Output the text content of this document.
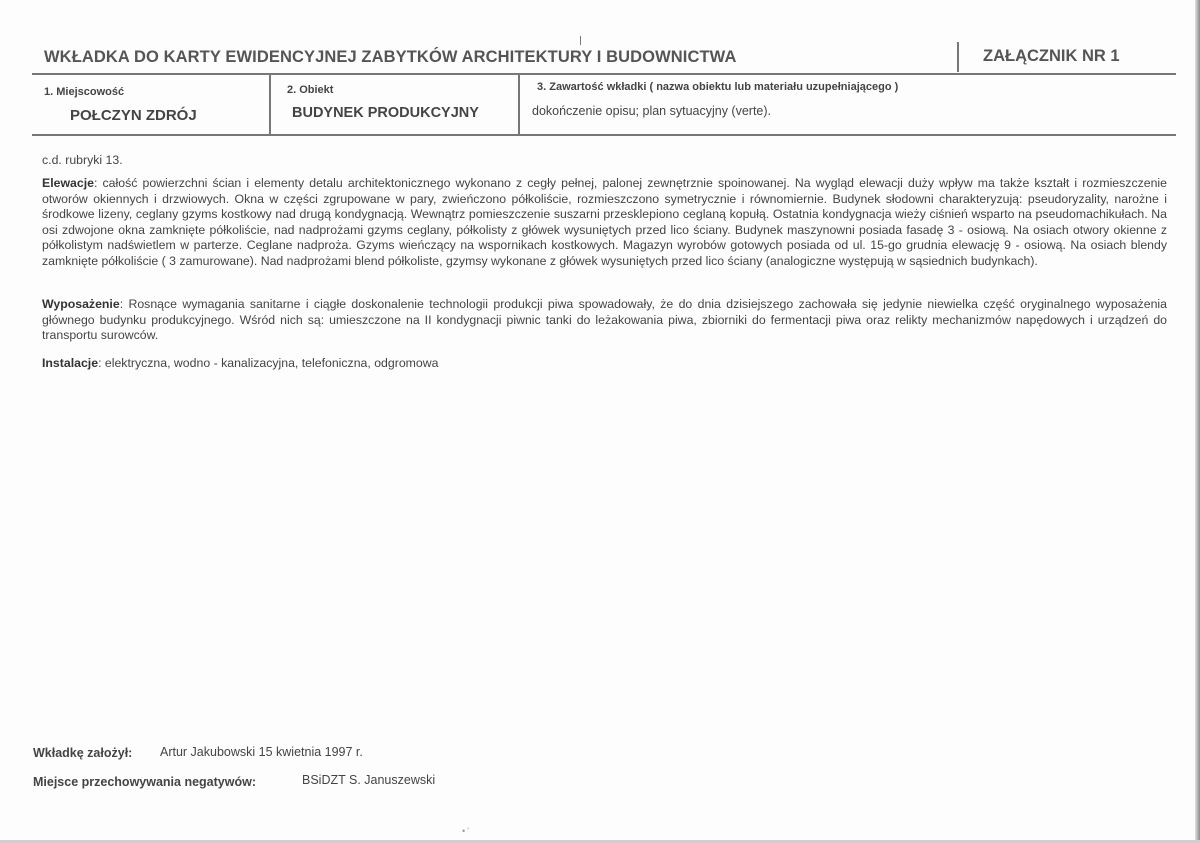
WKŁADKA DO KARTY EWIDENCYJNEJ ZABYTKÓW ARCHITEKTURY I BUDOWNICTWA	ZAŁĄCZNIK NR 1
1. Miejscowość
POŁCZYN ZDRÓJ
2. Obiekt
BUDYNEK PRODUKCYJNY
3. Zawartość wkładki ( nazwa obiektu lub materiału uzupełniającego )
dokończenie opisu; plan sytuacyjny (verte).
c.d. rubryki 13.
Elewacje: całość powierzchni ścian i elementy detalu architektonicznego wykonano z cegły pełnej, palonej zewnętrznie spoinowanej. Na wygląd elewacji duży wpływ ma także kształt i rozmieszczenie otworów okiennych i drzwiowych. Okna w części zgrupowane w pary, zwieńczono półkoliście, rozmieszczono symetrycznie i równomiernie. Budynek słodowni charakteryzują: pseudoryzality, narożne i środkowe lizeny, ceglany gzyms kostkowy nad drugą kondygnacją. Wewnątrz pomieszczenie suszarni przesklepiono ceglaną kopułą. Ostatnia kondygnacja wieży ciśnień wsparto na pseudomachikułach. Na osi zdwojone okna zamknięte półkoliście, nad nadprożami gzyms ceglany, półkolisty z główek wysuniętych przed lico ściany. Budynek maszynowni posiada fasadę 3 - osiową. Na osiach otwory okienne z półkolistym nadświetlem w parterze. Ceglane nadproża. Gzyms wieńczący na wspornikach kostkowych. Magazyn wyrobów gotowych posiada od ul. 15-go grudnia elewację 9 - osiową. Na osiach blendy zamknięte półkoliście ( 3 zamurowane). Nad nadprożami blend półkoliste, gzymsy wykonane z główek wysuniętych przed lico ściany (analogiczne występują w sąsiednich budynkach).
Wyposażenie: Rosnące wymagania sanitarne i ciągłe doskonalenie technologii produkcji piwa spowadowały, że do dnia dzisiejszego zachowała się jedynie niewielka część oryginalnego wyposażenia głównego budynku produkcyjnego. Wśród nich są: umieszczone na II kondygnacji piwnic tanki do leżakowania piwa, zbiorniki do fermentacji piwa oraz relikty mechanizmów napędowych i urządzeń do transportu surowców.
Instalacje: elektryczna, wodno - kanalizacyjna, telefoniczna, odgromowa
Wkładkę założył: Artur Jakubowski 15 kwietnia 1997 r.
Miejsce przechowywania negatywów:	BSiDZT S. Januszewski
• ’
